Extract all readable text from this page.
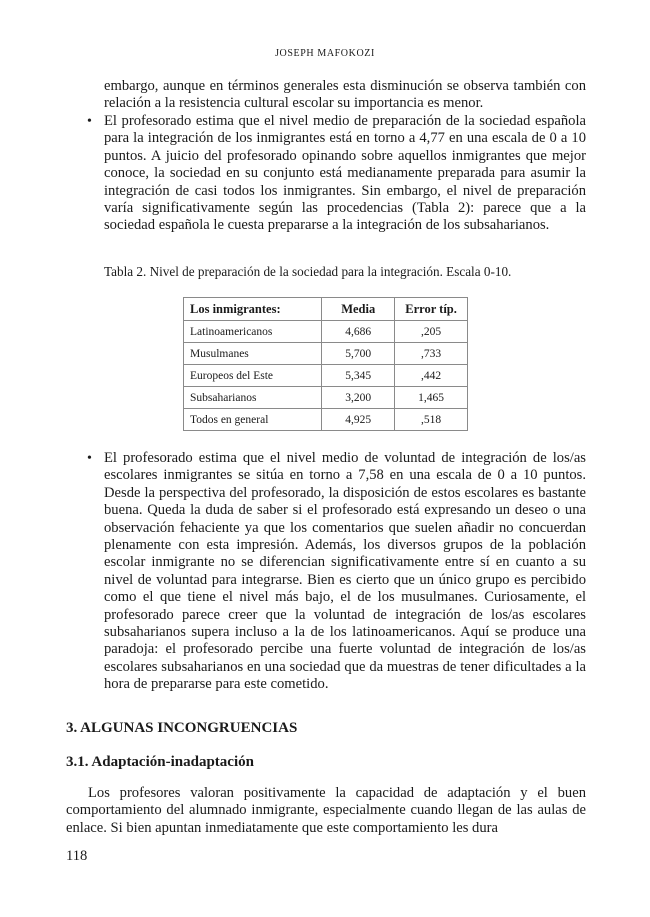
JOSEPH MAFOKOZI
embargo, aunque en términos generales esta disminución se observa también con relación a la resistencia cultural escolar su importancia es menor.
• El profesorado estima que el nivel medio de preparación de la sociedad española para la integración de los inmigrantes está en torno a 4,77 en una escala de 0 a 10 puntos. A juicio del profesorado opinando sobre aquellos inmigrantes que mejor conoce, la sociedad en su conjunto está medianamente preparada para asumir la integración de casi todos los inmigrantes. Sin embargo, el nivel de preparación varía significativamente según las procedencias (Tabla 2): parece que a la sociedad española le cuesta prepararse a la integración de los subsaharianos.
Tabla 2. Nivel de preparación de la sociedad para la integración. Escala 0-10.
Los inmigrantes:	Media	Error típ.
Latinoamericanos	4,686	,205
Musulmanes	5,700	,733
Europeos del Este	5,345	,442
Subsaharianos	3,200	1,465
Todos en general	4,925	,518
• El profesorado estima que el nivel medio de voluntad de integración de los/as escolares inmigrantes se sitúa en torno a 7,58 en una escala de 0 a 10 puntos. Desde la perspectiva del profesorado, la disposición de estos escolares es bastante buena. Queda la duda de saber si el profesorado está expresando un deseo o una observación fehaciente ya que los comentarios que suelen añadir no concuerdan plenamente con esta impresión. Además, los diversos grupos de la población escolar inmigrante no se diferencian significativamente entre sí en cuanto a su nivel de voluntad para integrarse. Bien es cierto que un único grupo es percibido como el que tiene el nivel más bajo, el de los musulmanes. Curiosamente, el profesorado parece creer que la voluntad de integración de los/as escolares subsaharianos supera incluso a la de los latinoamericanos. Aquí se produce una paradoja: el profesorado percibe una fuerte voluntad de integración de los/as escolares subsaharianos en una sociedad que da muestras de tener dificultades a la hora de prepararse para este cometido.
3. ALGUNAS INCONGRUENCIAS
3.1. Adaptación-inadaptación
Los profesores valoran positivamente la capacidad de adaptación y el buen comportamiento del alumnado inmigrante, especialmente cuando llegan de las aulas de enlace. Si bien apuntan inmediatamente que este comportamiento les dura
118
